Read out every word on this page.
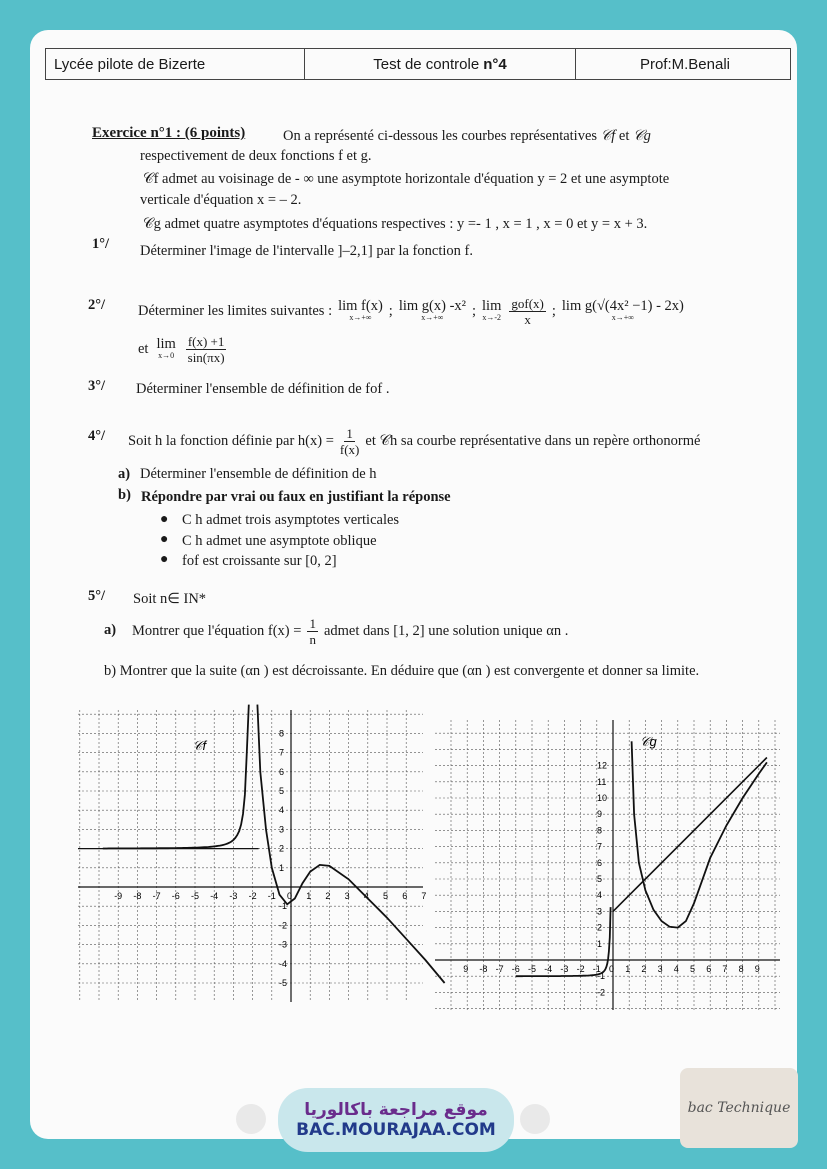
Lycée pilote de Bizerte	Test de controle n°4	Prof:M.Benali
Exercice n°1 : (6 points)	On a représenté ci-dessous les courbes représentatives 𝒞f et 𝒞g
respectivement de deux fonctions f et g.
𝒞f admet au voisinage de - ∞ une asymptote horizontale d'équation y = 2 et une asymptote
verticale d'équation x = – 2.
𝒞g admet quatre asymptotes d'équations respectives : y =- 1 , x = 1 , x = 0 et y = x + 3.
1°/ Déterminer l'image de l'intervalle ]–2,1] par la fonction f.
2°/ Déterminer les limites suivantes : lim f(x)
x→+∞ ; lim g(x) -x²
x→+∞ ; lim
$x\to-2 \frac{\text{gof(x)}}{x}$ ; lim g(√(4x² −1) - 2x)
x→+∞
et lim
$x\to 0 \frac{f(x) +1}{\sin(\pi x)}$
3°/ Déterminer l'ensemble de définition de fof .
4°/ Soit h la fonction définie par $h(x) = \frac{1}{f(x)}$ et 𝒞h sa courbe représentative dans un repère orthonormé
a) Déterminer l'ensemble de définition de h
b) Répondre par vrai ou faux en justifiant la réponse
● C h admet trois asymptotes verticales
● C h admet une asymptote oblique
● fof est croissante sur [0, 2]
5°/ Soit n∈ IN*
a) Montrer que l'équation $f(x) = \frac{1}{n}$ admet dans [1, 2] une solution unique αn .
b) Montrer que la suite (αn ) est décroissante. En déduire que (αn ) est convergente et donner sa limite.
-9 -8 -7 -6 -5 -4 -3 -2 -1 0 1 2 3 4 5 6 7
8
7
6
5
4
3
2
1
-1
-2
-3
-4
-5
𝒞f
9 -8 -7 -6 -5 -4 -3 -2 -1 0 1 2 3 4 5 6 7 8 9
12
11
10
9
8
7
6
5
4
3
2
1
-1
-2
𝒞g
موقع مراجعة باكالوريا
BAC.MOURAJAA.COM
bac Technique
